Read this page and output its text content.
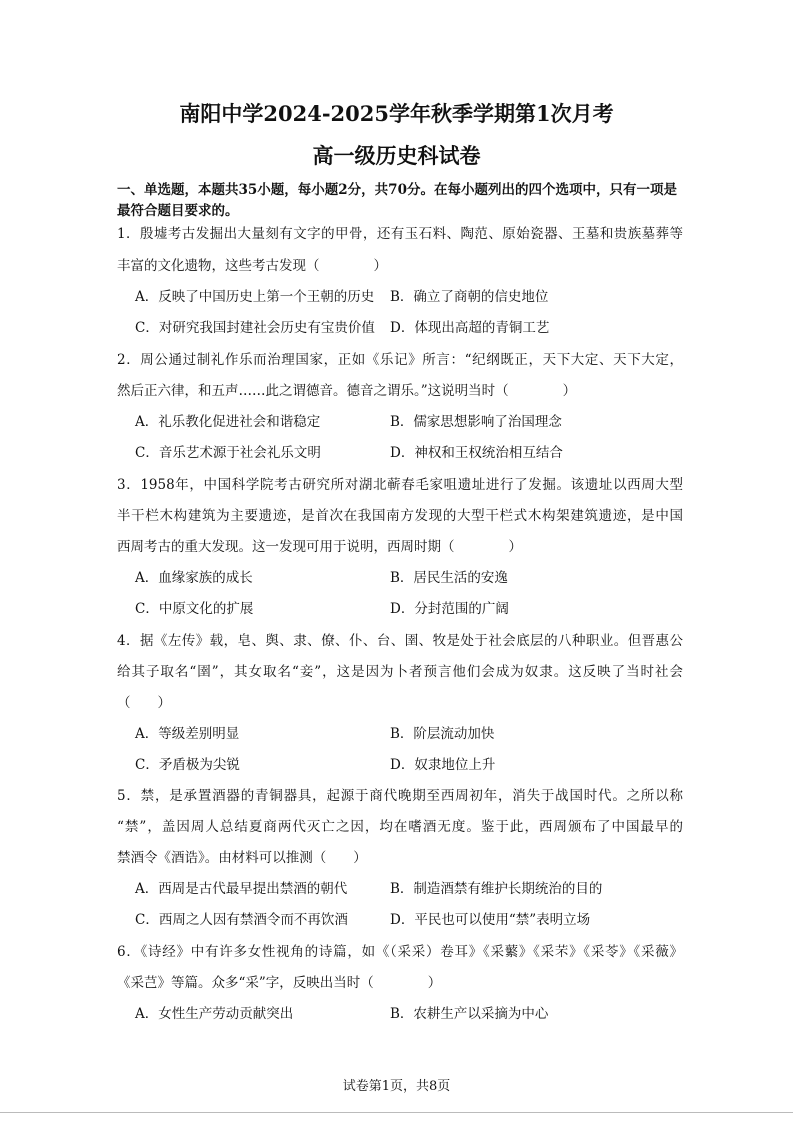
南阳中学2024-2025学年秋季学期第1次月考
高一级历史科试卷
一、单选题，本题共35小题，每小题2分，共70分。在每小题列出的四个选项中，只有一项是最符合题目要求的。
1．殷墟考古发掘出大量刻有文字的甲骨，还有玉石料、陶范、原始瓷器、王墓和贵族墓葬等
丰富的文化遗物，这些考古发现（　　　　）
A．反映了中国历史上第一个王朝的历史 B．确立了商朝的信史地位
C．对研究我国封建社会历史有宝贵价值 D．体现出高超的青铜工艺
2．周公通过制礼作乐而治理国家，正如《乐记》所言：“纪纲既正，天下大定、天下大定，
然后正六律，和五声……此之谓德音。德音之谓乐。”这说明当时（　　　　）
A．礼乐教化促进社会和谐稳定	B．儒家思想影响了治国理念
C．音乐艺术源于社会礼乐文明	D．神权和王权统治相互结合
3．1958年，中国科学院考古研究所对湖北蕲春毛家咀遗址进行了发掘。该遗址以西周大型
半干栏木构建筑为主要遗迹，是首次在我国南方发现的大型干栏式木构架建筑遗迹，是中国
西周考古的重大发现。这一发现可用于说明，西周时期（　　　　）
A．血缘家族的成长	B．居民生活的安逸
C．中原文化的扩展	D．分封范围的广阔
4．据《左传》载，皂、舆、隶、僚、仆、台、圉、牧是处于社会底层的八种职业。但晋惠公
给其子取名“圉”，其女取名“妾”，这是因为卜者预言他们会成为奴隶。这反映了当时社会
（　　）
A．等级差别明显	B．阶层流动加快
C．矛盾极为尖锐	D．奴隶地位上升
5．禁，是承置酒器的青铜器具，起源于商代晚期至西周初年，消失于战国时代。之所以称
“禁”，盖因周人总结夏商两代灭亡之因，均在嗜酒无度。鉴于此，西周颁布了中国最早的
禁酒令《酒诰》。由材料可以推测（　　）
A．西周是古代最早提出禁酒的朝代	B．制造酒禁有维护长期统治的目的
C．西周之人因有禁酒令而不再饮酒	D．平民也可以使用“禁”表明立场
6．《诗经》中有许多女性视角的诗篇，如《（采采）卷耳》《采蘩》《采芣》《采苓》《采薇》
《采芑》等篇。众多“采”字，反映出当时（　　　　）
A．女性生产劳动贡献突出	B．农耕生产以采摘为中心
试卷第1页，共8页
